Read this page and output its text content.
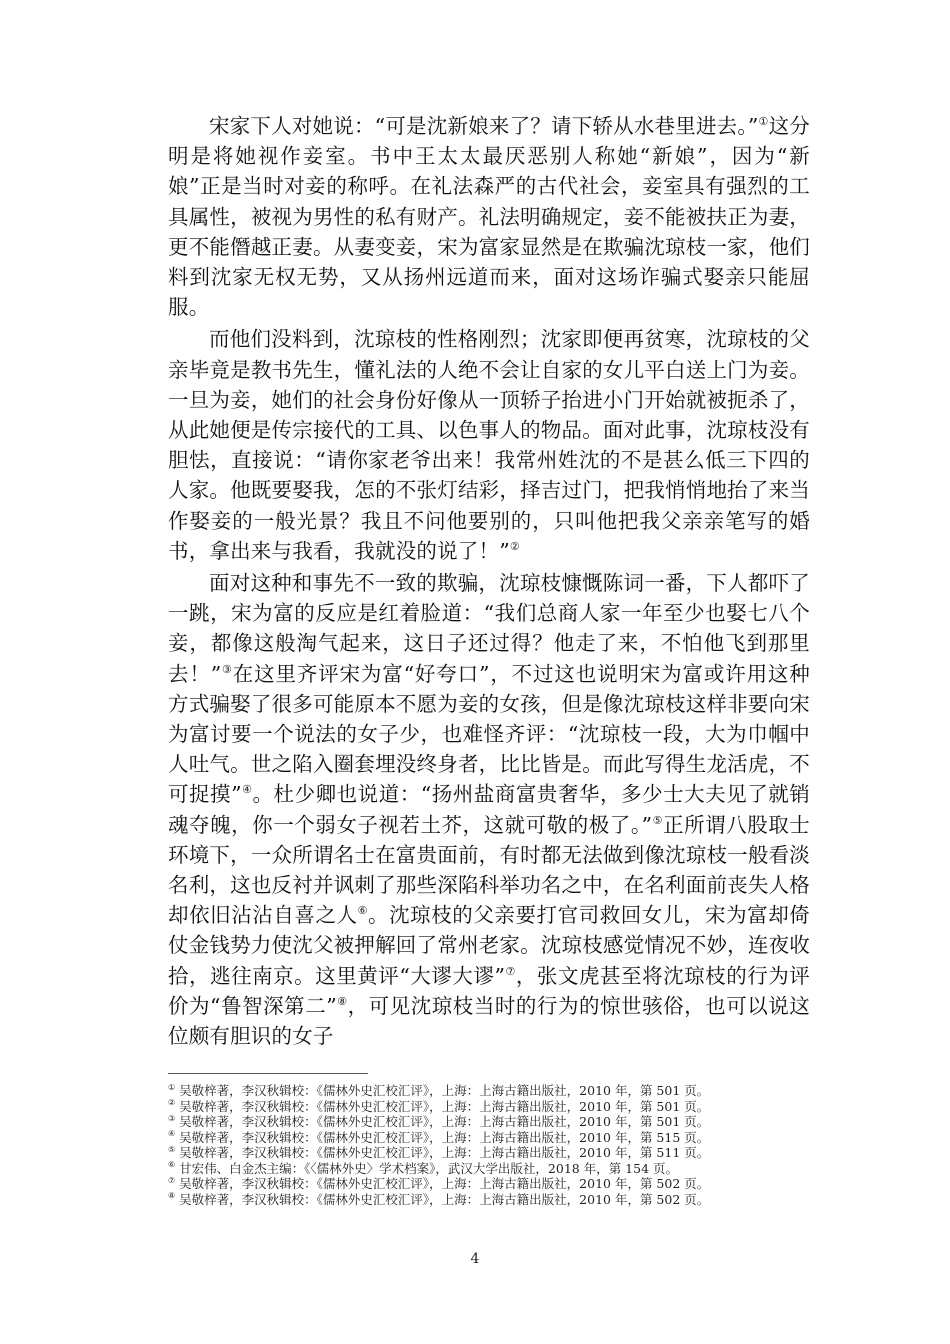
宋家下人对她说：“可是沈新娘来了？请下轿从水巷里进去。”①这分明是将她视作妾室。书中王太太最厌恶别人称她“新娘”，因为“新娘”正是当时对妾的称呼。在礼法森严的古代社会，妾室具有强烈的工具属性，被视为男性的私有财产。礼法明确规定，妾不能被扶正为妻，更不能僭越正妻。从妻变妾，宋为富家显然是在欺骗沈琼枝一家，他们料到沈家无权无势，又从扬州远道而来，面对这场诈骗式娶亲只能屈服。

而他们没料到，沈琼枝的性格刚烈；沈家即便再贫寒，沈琼枝的父亲毕竟是教书先生，懂礼法的人绝不会让自家的女儿平白送上门为妾。一旦为妾，她们的社会身份好像从一顶轿子抬进小门开始就被扼杀了，从此她便是传宗接代的工具、以色事人的物品。面对此事，沈琼枝没有胆怯，直接说：“请你家老爷出来！我常州姓沈的不是甚么低三下四的人家。他既要娶我，怎的不张灯结彩，择吉过门，把我悄悄地抬了来当作娶妾的一般光景？我且不问他要别的，只叫他把我父亲亲笔写的婚书，拿出来与我看，我就没的说了！”②

面对这种和事先不一致的欺骗，沈琼枝慷慨陈词一番，下人都吓了一跳，宋为富的反应是红着脸道：“我们总商人家一年至少也娶七八个妾，都像这般淘气起来，这日子还过得？他走了来，不怕他飞到那里去！”③在这里齐评宋为富“好夸口”，不过这也说明宋为富或许用这种方式骗娶了很多可能原本不愿为妾的女孩，但是像沈琼枝这样非要向宋为富讨要一个说法的女子少，也难怪齐评：“沈琼枝一段，大为巾帼中人吐气。世之陷入圈套埋没终身者，比比皆是。而此写得生龙活虎，不可捉摸”④。杜少卿也说道：“扬州盐商富贵奢华，多少士大夫见了就销魂夺魄，你一个弱女子视若土芥，这就可敬的极了。”⑤正所谓八股取士环境下，一众所谓名士在富贵面前，有时都无法做到像沈琼枝一般看淡名利，这也反衬并讽刺了那些深陷科举功名之中，在名利面前丧失人格却依旧沾沾自喜之人⑥。沈琼枝的父亲要打官司救回女儿，宋为富却倚仗金钱势力使沈父被押解回了常州老家。沈琼枝感觉情况不妙，连夜收拾，逃往南京。这里黄评“大谬大谬”⑦，张文虎甚至将沈琼枝的行为评价为“鲁智深第二”⑧，可见沈琼枝当时的行为的惊世骇俗，也可以说这位颇有胆识的女子

① 吴敬梓著，李汉秋辑校：《儒林外史汇校汇评》，上海：上海古籍出版社，2010 年，第 501 页。
② 吴敬梓著，李汉秋辑校：《儒林外史汇校汇评》，上海：上海古籍出版社，2010 年，第 501 页。
③ 吴敬梓著，李汉秋辑校：《儒林外史汇校汇评》，上海：上海古籍出版社，2010 年，第 501 页。
④ 吴敬梓著，李汉秋辑校：《儒林外史汇校汇评》，上海：上海古籍出版社，2010 年，第 515 页。
⑤ 吴敬梓著，李汉秋辑校：《儒林外史汇校汇评》，上海：上海古籍出版社，2010 年，第 511 页。
⑥ 甘宏伟、白金杰主编：《〈儒林外史〉学术档案》，武汉大学出版社，2018 年，第 154 页。
⑦ 吴敬梓著，李汉秋辑校：《儒林外史汇校汇评》，上海：上海古籍出版社，2010 年，第 502 页。
⑧ 吴敬梓著，李汉秋辑校：《儒林外史汇校汇评》，上海：上海古籍出版社，2010 年，第 502 页。
4
